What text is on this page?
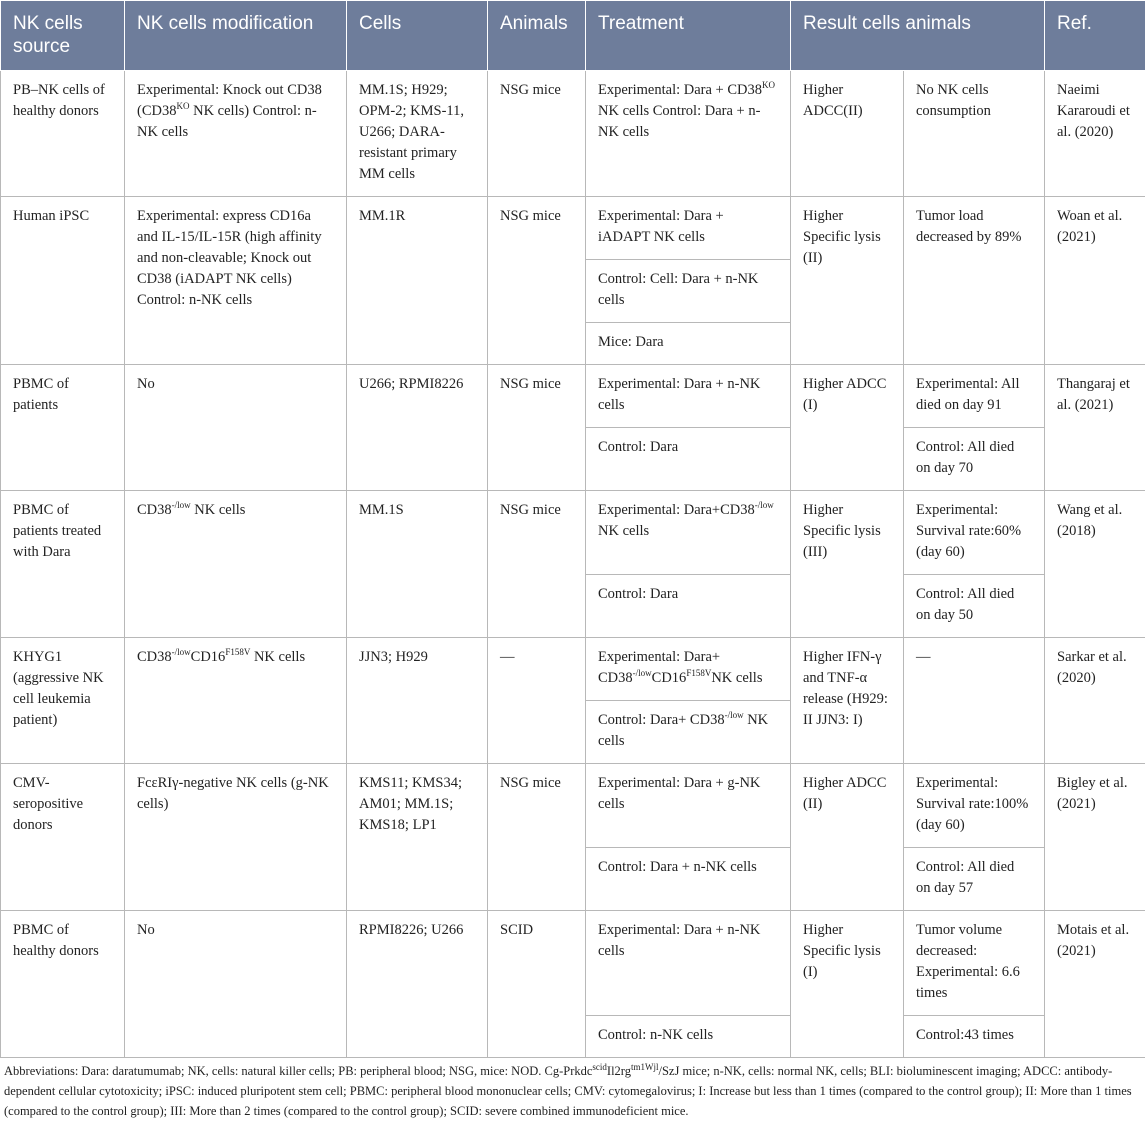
NK cells source	NK cells modification	Cells	Animals	Treatment	Result cells animals		Ref.
PB–NK cells of healthy donors	Experimental: Knock out CD38 ($CD38^{KO}$ NK cells) Control: n-NK cells	MM.1S; H929; OPM-2; KMS-11, U266; DARA-resistant primary MM cells	NSG mice	Experimental: Dara + $CD38^{KO}$ NK cells Control: Dara + n-NK cells	Higher ADCC(II)	No NK cells consumption	Naeimi Kararoudi et al. (2020)
Human iPSC	Experimental: express CD16a and IL-15/IL-15R (high affinity and non-cleavable; Knock out CD38 (iADAPT NK cells) Control: n-NK cells	MM.1R	NSG mice	Experimental: Dara + iADAPT NK cells	Higher Specific lysis (II)	Tumor load decreased by 89%	Woan et al. (2021)
				Control: Cell: Dara + n-NK cells			
				Mice: Dara			
PBMC of patients	No	U266; RPMI8226	NSG mice	Experimental: Dara + n-NK cells	Higher ADCC (I)	Experimental: All died on day 91	Thangaraj et al. (2021)
				Control: Dara		Control: All died on day 70	
PBMC of patients treated with Dara	$CD38^{-/low}$ NK cells	MM.1S	NSG mice	Experimental: $Dara+CD38^{-/low}$ NK cells	Higher Specific lysis (III)	Experimental: Survival rate:60% (day 60)	Wang et al. (2018)
				Control: Dara		Control: All died on day 50	
KHYG1 (aggressive NK cell leukemia patient)	$CD38^{-/low}CD16^{F158V}$ NK cells	JJN3; H929	—	Experimental: Dara+ $CD38^{-/low}CD16^{F158V}NK$ cells	Higher IFN-γ and TNF-α release (H929: II JJN3: I)	—	Sarkar et al. (2020)
				Control: Dara+ $CD38^{-/low}$ NK cells			
CMV-seropositive donors	FcεRIγ-negative NK cells (g-NK cells)	KMS11; KMS34; AM01; MM.1S; KMS18; LP1	NSG mice	Experimental: Dara + g-NK cells	Higher ADCC (II)	Experimental: Survival rate:100% (day 60)	Bigley et al. (2021)
				Control: Dara + n-NK cells		Control: All died on day 57	
PBMC of healthy donors	No	RPMI8226; U266	SCID	Experimental: Dara + n-NK cells	Higher Specific lysis (I)	Tumor volume decreased: Experimental: 6.6 times	Motais et al. (2021)
				Control: n-NK cells		Control:43 times	
Abbreviations: Dara: daratumumab; NK, cells: natural killer cells; PB: peripheral blood; NSG, mice: NOD. $Cg-Prkdc^{scid}Il2rg^{tm1Wjl}$/SzJ mice; n-NK, cells: normal NK, cells; BLI: bioluminescent imaging; ADCC: antibody-dependent cellular cytotoxicity; iPSC: induced pluripotent stem cell; PBMC: peripheral blood mononuclear cells; CMV: cytomegalovirus; I: Increase but less than 1 times (compared to the control group); II: More than 1 times (compared to the control group); III: More than 2 times (compared to the control group); SCID: severe combined immunodeficient mice.
